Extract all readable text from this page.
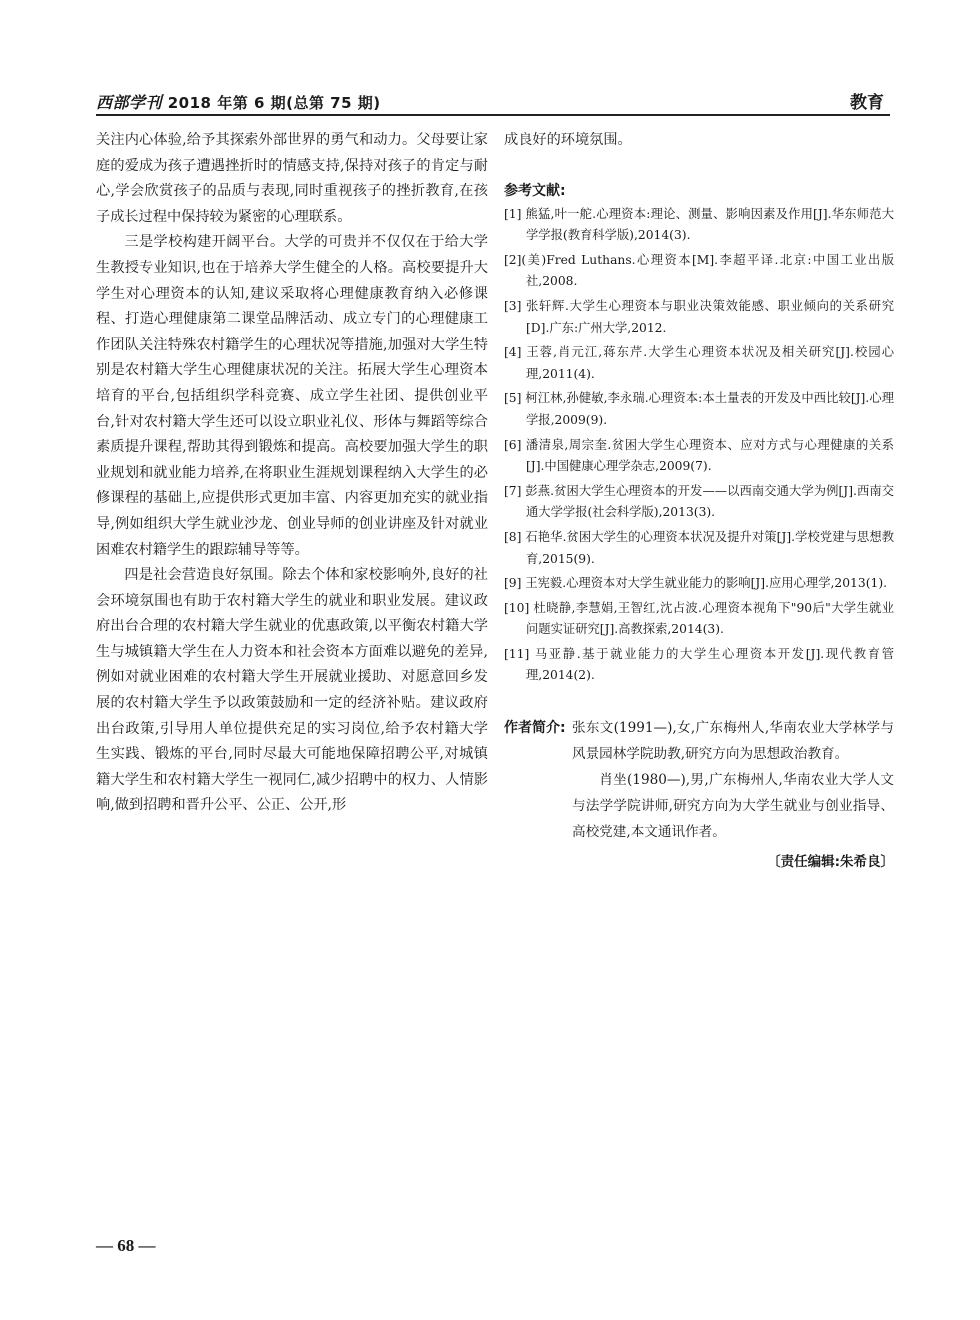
西部学刊 2018 年第 6 期(总第 75 期)	教育

关注内心体验,给予其探索外部世界的勇气和动力。父母要让家庭的爱成为孩子遭遇挫折时的情感支持,保持对孩子的肯定与耐心,学会欣赏孩子的品质与表现,同时重视孩子的挫折教育,在孩子成长过程中保持较为紧密的心理联系。

三是学校构建开阔平台。大学的可贵并不仅仅在于给大学生教授专业知识,也在于培养大学生健全的人格。高校要提升大学生对心理资本的认知,建议采取将心理健康教育纳入必修课程、打造心理健康第二课堂品牌活动、成立专门的心理健康工作团队关注特殊农村籍学生的心理状况等措施,加强对大学生特别是农村籍大学生心理健康状况的关注。拓展大学生心理资本培育的平台,包括组织学科竞赛、成立学生社团、提供创业平台,针对农村籍大学生还可以设立职业礼仪、形体与舞蹈等综合素质提升课程,帮助其得到锻炼和提高。高校要加强大学生的职业规划和就业能力培养,在将职业生涯规划课程纳入大学生的必修课程的基础上,应提供形式更加丰富、内容更加充实的就业指导,例如组织大学生就业沙龙、创业导师的创业讲座及针对就业困难农村籍学生的跟踪辅导等等。

四是社会营造良好氛围。除去个体和家校影响外,良好的社会环境氛围也有助于农村籍大学生的就业和职业发展。建议政府出台合理的农村籍大学生就业的优惠政策,以平衡农村籍大学生与城镇籍大学生在人力资本和社会资本方面难以避免的差异,例如对就业困难的农村籍大学生开展就业援助、对愿意回乡发展的农村籍大学生予以政策鼓励和一定的经济补贴。建议政府出台政策,引导用人单位提供充足的实习岗位,给予农村籍大学生实践、锻炼的平台,同时尽最大可能地保障招聘公平,对城镇籍大学生和农村籍大学生一视同仁,减少招聘中的权力、人情影响,做到招聘和晋升公平、公正、公开,形

成良好的环境氛围。

参考文献:
[1] 熊猛,叶一舵.心理资本:理论、测量、影响因素及作用[J].华东师范大学学报(教育科学版),2014(3).
[2](美)Fred Luthans.心理资本[M].李超平译.北京:中国工业出版社,2008.
[3] 张轩辉.大学生心理资本与职业决策效能感、职业倾向的关系研究[D].广东:广州大学,2012.
[4] 王蓉,肖元江,蒋东芹.大学生心理资本状况及相关研究[J].校园心理,2011(4).
[5] 柯江林,孙健敏,李永瑞.心理资本:本土量表的开发及中西比较[J].心理学报,2009(9).
[6] 潘清泉,周宗奎.贫困大学生心理资本、应对方式与心理健康的关系[J].中国健康心理学杂志,2009(7).
[7] 彭燕.贫困大学生心理资本的开发——以西南交通大学为例[J].西南交通大学学报(社会科学版),2013(3).
[8] 石艳华.贫困大学生的心理资本状况及提升对策[J].学校党建与思想教育,2015(9).
[9] 王宪毅.心理资本对大学生就业能力的影响[J].应用心理学,2013(1).
[10] 杜晓静,李慧娟,王智红,沈占波.心理资本视角下"90后"大学生就业问题实证研究[J].高教探索,2014(3).
[11] 马亚静.基于就业能力的大学生心理资本开发[J].现代教育管理,2014(2).
作者简介: 张东文(1991—),女,广东梅州人,华南农业大学林学与风景园林学院助教,研究方向为思想政治教育。
肖坐(1980—),男,广东梅州人,华南农业大学人文与法学学院讲师,研究方向为大学生就业与创业指导、高校党建,本文通讯作者。
〔责任编辑:朱希良〕
— 68 —
